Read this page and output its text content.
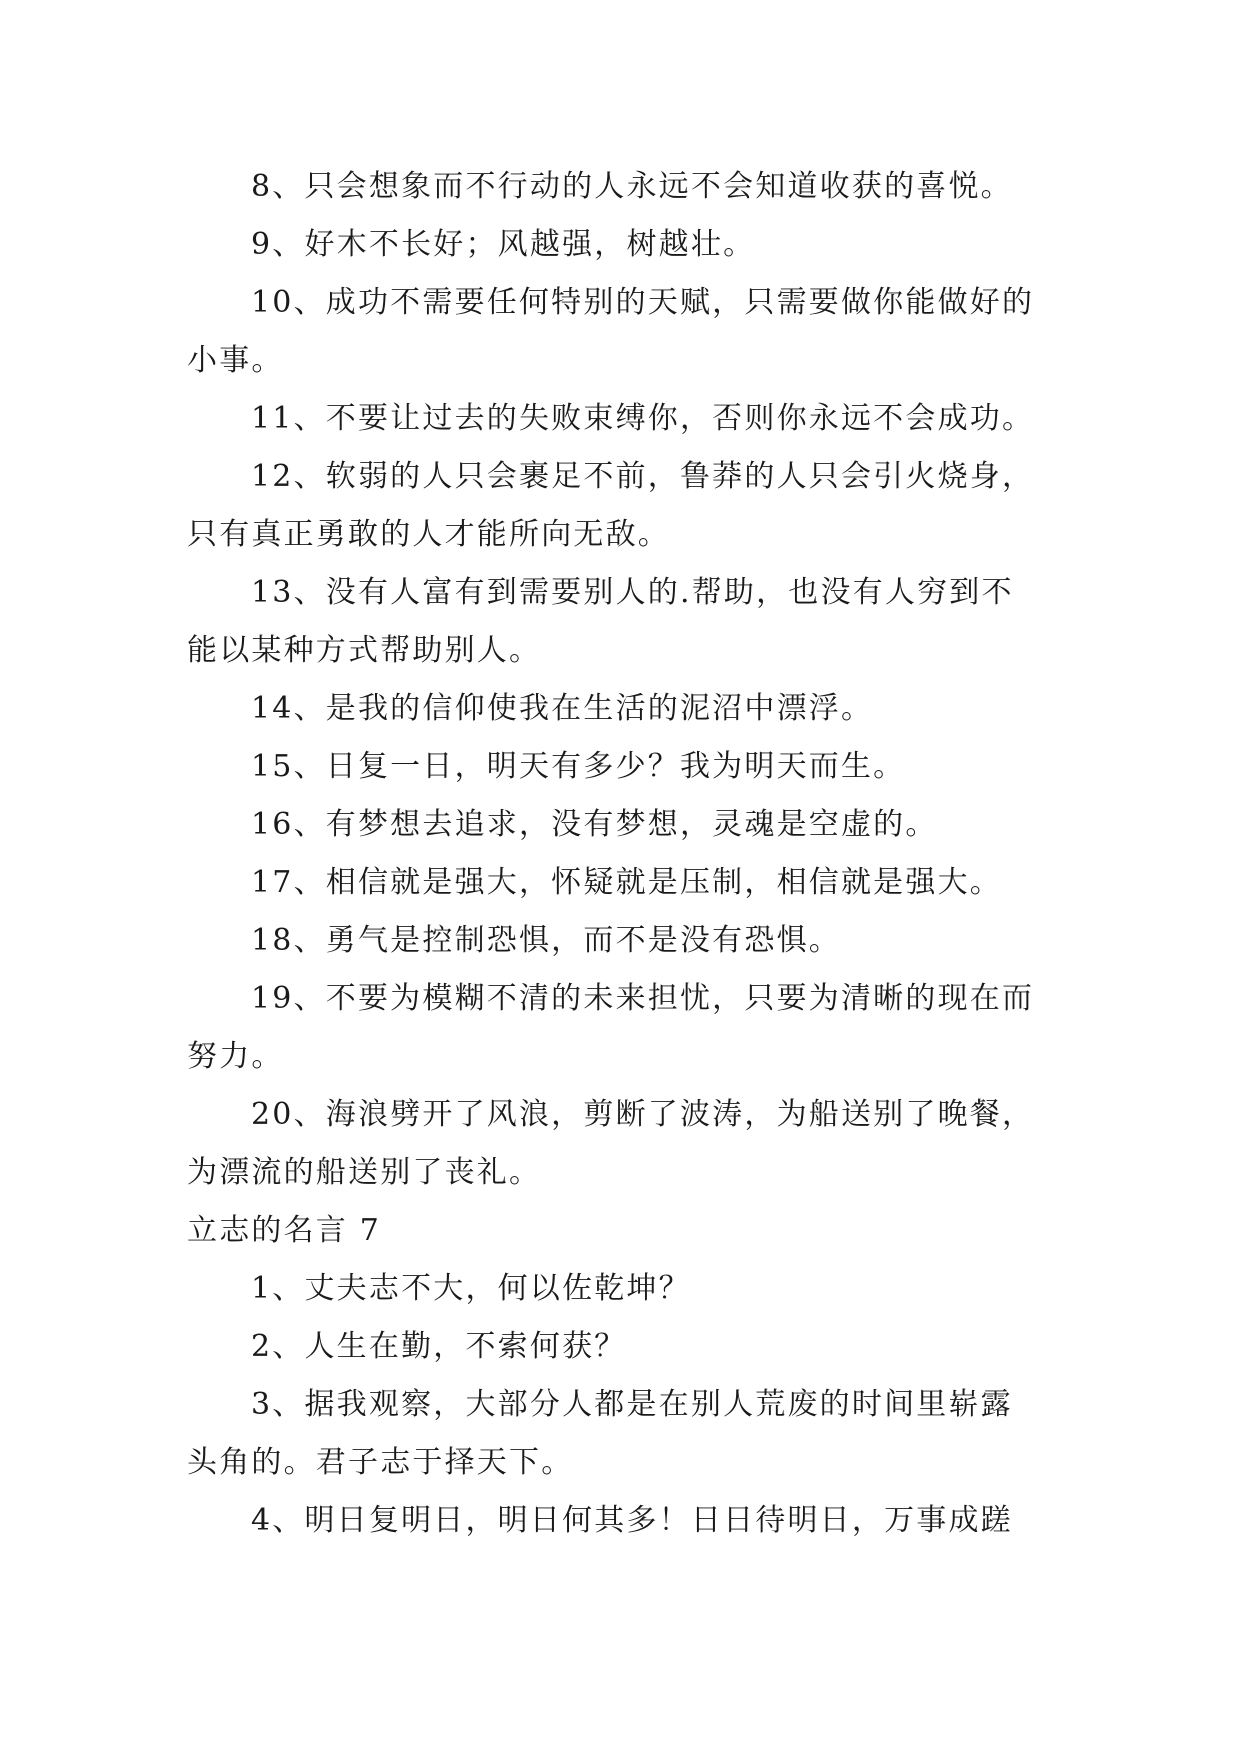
8、只会想象而不行动的人永远不会知道收获的喜悦。
9、好木不长好；风越强，树越壮。
10、成功不需要任何特别的天赋，只需要做你能做好的
小事。
11、不要让过去的失败束缚你，否则你永远不会成功。
12、软弱的人只会裹足不前，鲁莽的人只会引火烧身，
只有真正勇敢的人才能所向无敌。
13、没有人富有到需要别人的.帮助，也没有人穷到不
能以某种方式帮助别人。
14、是我的信仰使我在生活的泥沼中漂浮。
15、日复一日，明天有多少？我为明天而生。
16、有梦想去追求，没有梦想，灵魂是空虚的。
17、相信就是强大，怀疑就是压制，相信就是强大。
18、勇气是控制恐惧，而不是没有恐惧。
19、不要为模糊不清的未来担忧，只要为清晰的现在而
努力。
20、海浪劈开了风浪，剪断了波涛，为船送别了晚餐，
为漂流的船送别了丧礼。
立志的名言 7
1、丈夫志不大，何以佐乾坤？
2、人生在勤，不索何获？
3、据我观察，大部分人都是在别人荒废的时间里崭露
头角的。君子志于择天下。
4、明日复明日，明日何其多！日日待明日，万事成蹉
